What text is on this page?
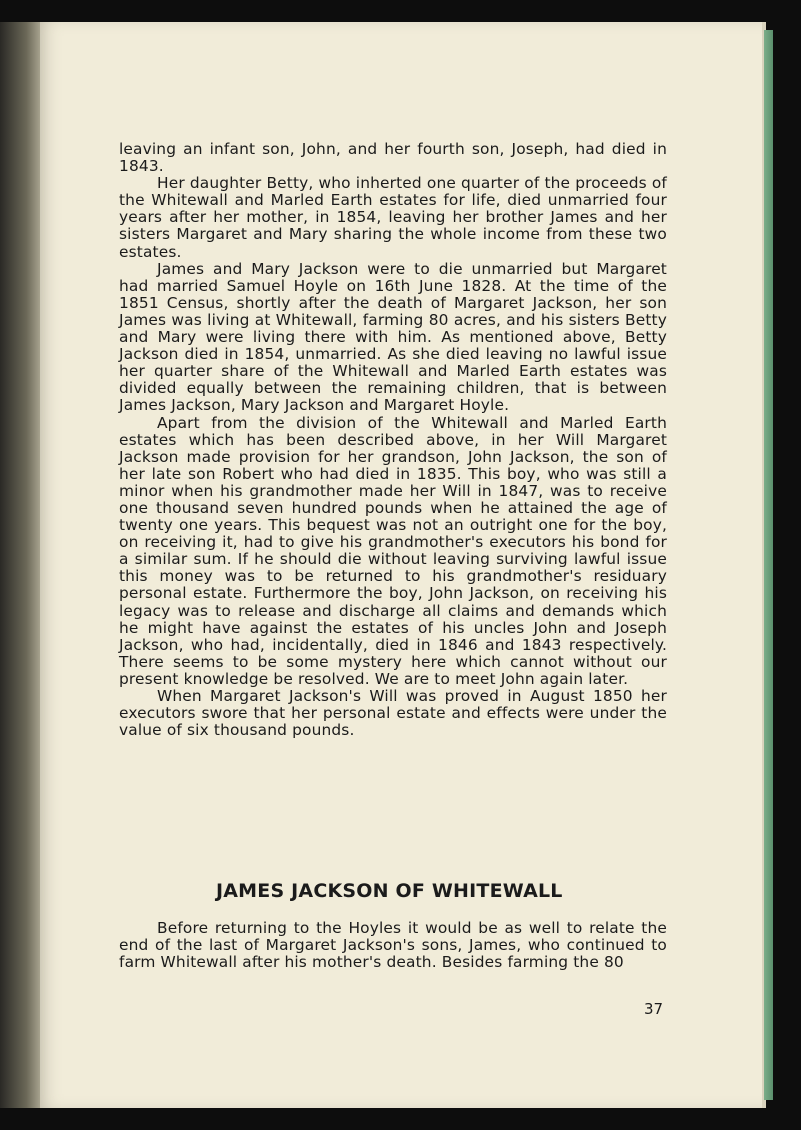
leaving an infant son, John, and her fourth son, Joseph, had died in 1843.

Her daughter Betty, who inherted one quarter of the proceeds of the Whitewall and Marled Earth estates for life, died unmarried four years after her mother, in 1854, leaving her brother James and her sisters Margaret and Mary sharing the whole income from these two estates.

James and Mary Jackson were to die unmarried but Margaret had married Samuel Hoyle on 16th June 1828. At the time of the 1851 Census, shortly after the death of Margaret Jackson, her son James was living at Whitewall, farming 80 acres, and his sisters Betty and Mary were living there with him. As mentioned above, Betty Jackson died in 1854, unmarried. As she died leaving no lawful issue her quarter share of the Whitewall and Marled Earth estates was divided equally between the remaining children, that is between James Jackson, Mary Jackson and Margaret Hoyle.

Apart from the division of the Whitewall and Marled Earth estates which has been described above, in her Will Margaret Jackson made provision for her grandson, John Jackson, the son of her late son Robert who had died in 1835. This boy, who was still a minor when his grandmother made her Will in 1847, was to receive one thousand seven hundred pounds when he attained the age of twenty one years. This bequest was not an outright one for the boy, on receiving it, had to give his grandmother's executors his bond for a similar sum. If he should die without leaving surviving lawful issue this money was to be returned to his grandmother's residuary personal estate. Furthermore the boy, John Jackson, on receiving his legacy was to release and discharge all claims and demands which he might have against the estates of his uncles John and Joseph Jackson, who had, incidentally, died in 1846 and 1843 respectively. There seems to be some mystery here which cannot without our present knowledge be resolved. We are to meet John again later.

When Margaret Jackson's Will was proved in August 1850 her executors swore that her personal estate and effects were under the value of six thousand pounds.

JAMES JACKSON OF WHITEWALL

Before returning to the Hoyles it would be as well to relate the end of the last of Margaret Jackson's sons, James, who continued to farm Whitewall after his mother's death. Besides farming the 80

37
